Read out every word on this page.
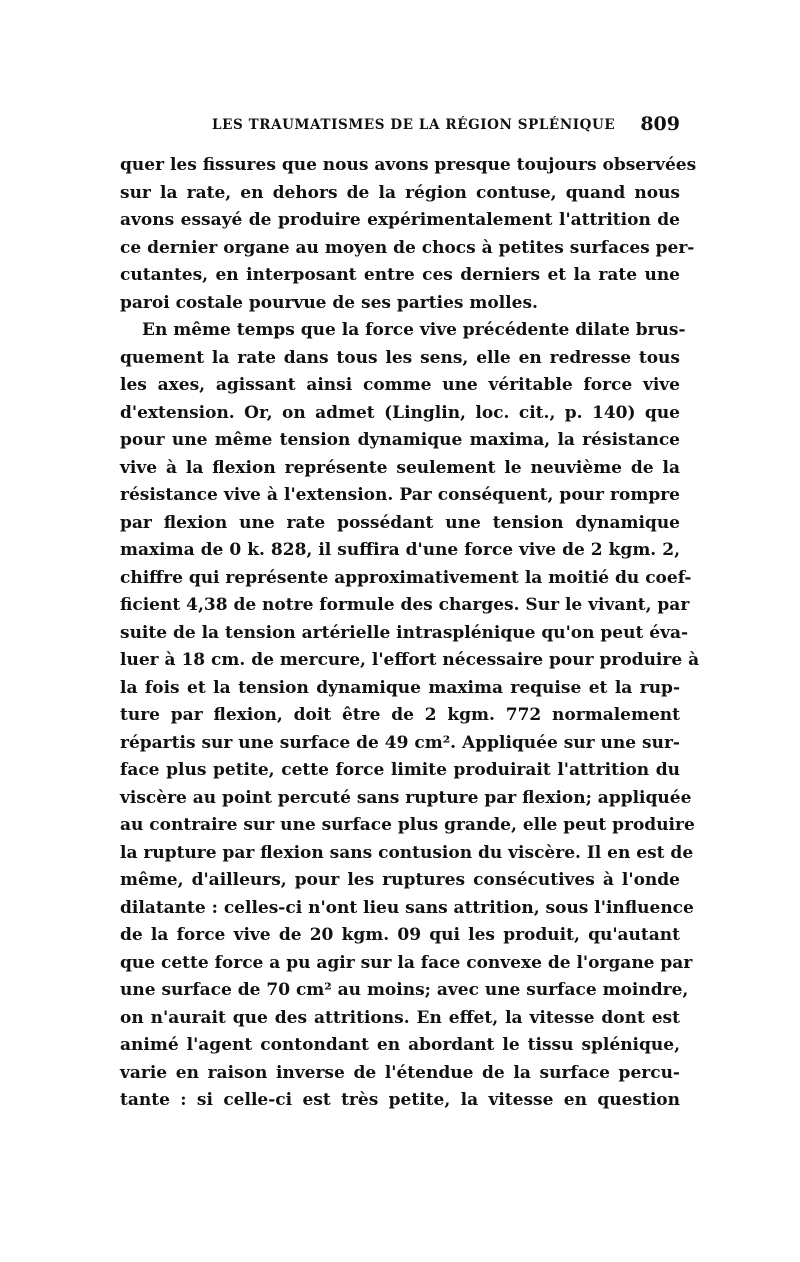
LES TRAUMATISMES DE LA RÉGION SPLÉNIQUE 809
quer les fissures que nous avons presque toujours observées
sur la rate, en dehors de la région contuse, quand nous
avons essayé de produire expérimentalement l'attrition de
ce dernier organe au moyen de chocs à petites surfaces per-
cutantes, en interposant entre ces derniers et la rate une
paroi costale pourvue de ses parties molles.
En même temps que la force vive précédente dilate brus-
quement la rate dans tous les sens, elle en redresse tous
les axes, agissant ainsi comme une véritable force vive
d'extension. Or, on admet (Linglin, loc. cit., p. 140) que
pour une même tension dynamique maxima, la résistance
vive à la flexion représente seulement le neuvième de la
résistance vive à l'extension. Par conséquent, pour rompre
par flexion une rate possédant une tension dynamique
maxima de 0 k. 828, il suffira d'une force vive de 2 kgm. 2,
chiffre qui représente approximativement la moitié du coef-
ficient 4,38 de notre formule des charges. Sur le vivant, par
suite de la tension artérielle intrasplénique qu'on peut éva-
luer à 18 cm. de mercure, l'effort nécessaire pour produire à
la fois et la tension dynamique maxima requise et la rup-
ture par flexion, doit être de 2 kgm. 772 normalement
répartis sur une surface de 49 cm². Appliquée sur une sur-
face plus petite, cette force limite produirait l'attrition du
viscère au point percuté sans rupture par flexion; appliquée
au contraire sur une surface plus grande, elle peut produire
la rupture par flexion sans contusion du viscère. Il en est de
même, d'ailleurs, pour les ruptures consécutives à l'onde
dilatante : celles-ci n'ont lieu sans attrition, sous l'influence
de la force vive de 20 kgm. 09 qui les produit, qu'autant
que cette force a pu agir sur la face convexe de l'organe par
une surface de 70 cm² au moins; avec une surface moindre,
on n'aurait que des attritions. En effet, la vitesse dont est
animé l'agent contondant en abordant le tissu splénique,
varie en raison inverse de l'étendue de la surface percu-
tante : si celle-ci est très petite, la vitesse en question
